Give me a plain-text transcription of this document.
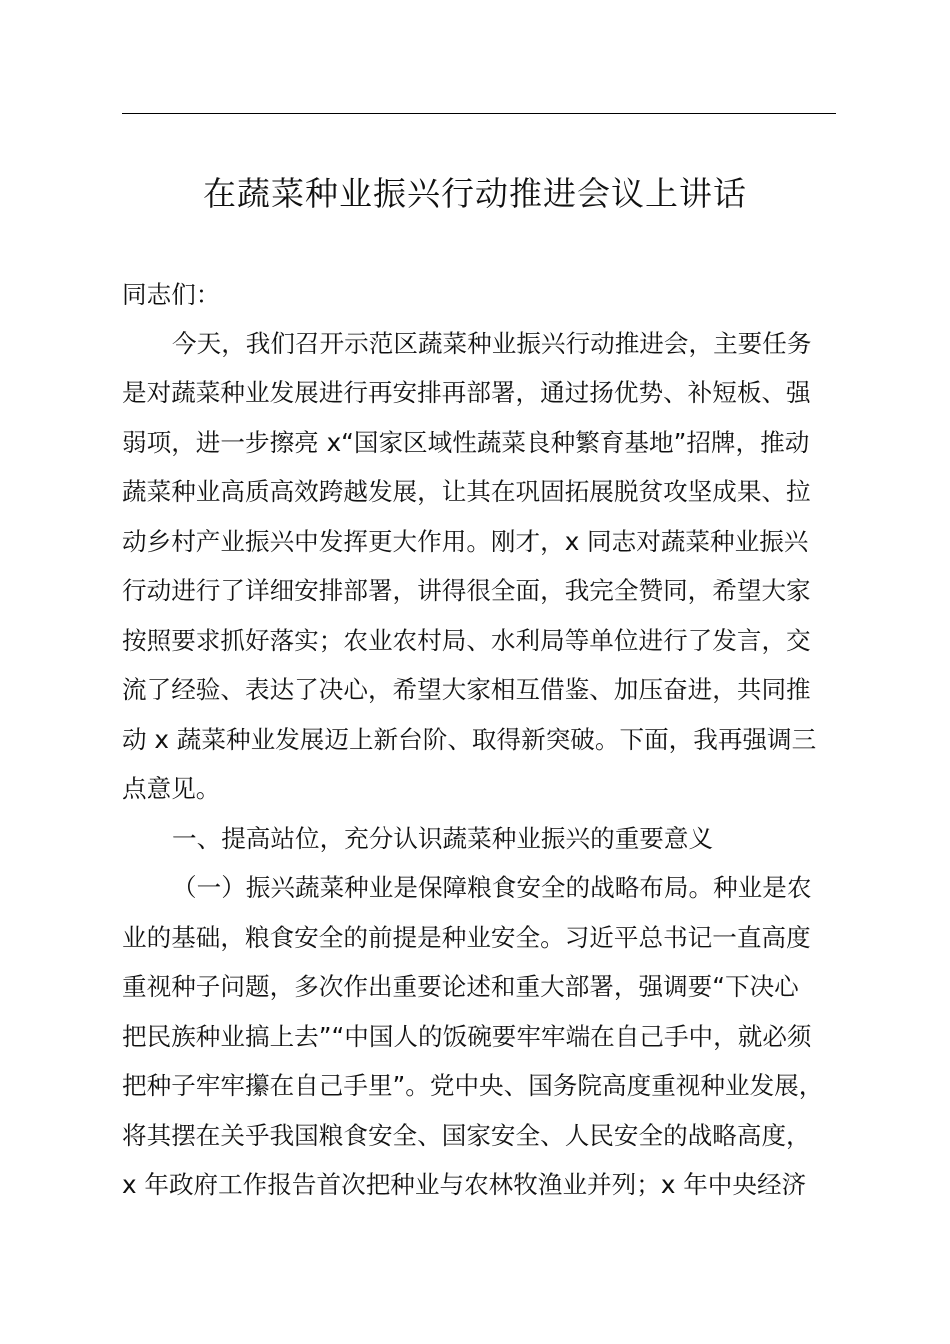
在蔬菜种业振兴行动推进会议上讲话
同志们：
今天，我们召开示范区蔬菜种业振兴行动推进会，主要任务
是对蔬菜种业发展进行再安排再部署，通过扬优势、补短板、强
弱项，进一步擦亮 x“国家区域性蔬菜良种繁育基地”招牌，推动
蔬菜种业高质高效跨越发展，让其在巩固拓展脱贫攻坚成果、拉
动乡村产业振兴中发挥更大作用。刚才，x 同志对蔬菜种业振兴
行动进行了详细安排部署，讲得很全面，我完全赞同，希望大家
按照要求抓好落实；农业农村局、水利局等单位进行了发言，交
流了经验、表达了决心，希望大家相互借鉴、加压奋进，共同推
动 x 蔬菜种业发展迈上新台阶、取得新突破。下面，我再强调三
点意见。
一、提高站位，充分认识蔬菜种业振兴的重要意义
（一）振兴蔬菜种业是保障粮食安全的战略布局。种业是农
业的基础，粮食安全的前提是种业安全。习近平总书记一直高度
重视种子问题，多次作出重要论述和重大部署，强调要“下决心
把民族种业搞上去”“中国人的饭碗要牢牢端在自己手中，就必须
把种子牢牢攥在自己手里”。党中央、国务院高度重视种业发展，
将其摆在关乎我国粮食安全、国家安全、人民安全的战略高度，
x 年政府工作报告首次把种业与农林牧渔业并列；x 年中央经济
